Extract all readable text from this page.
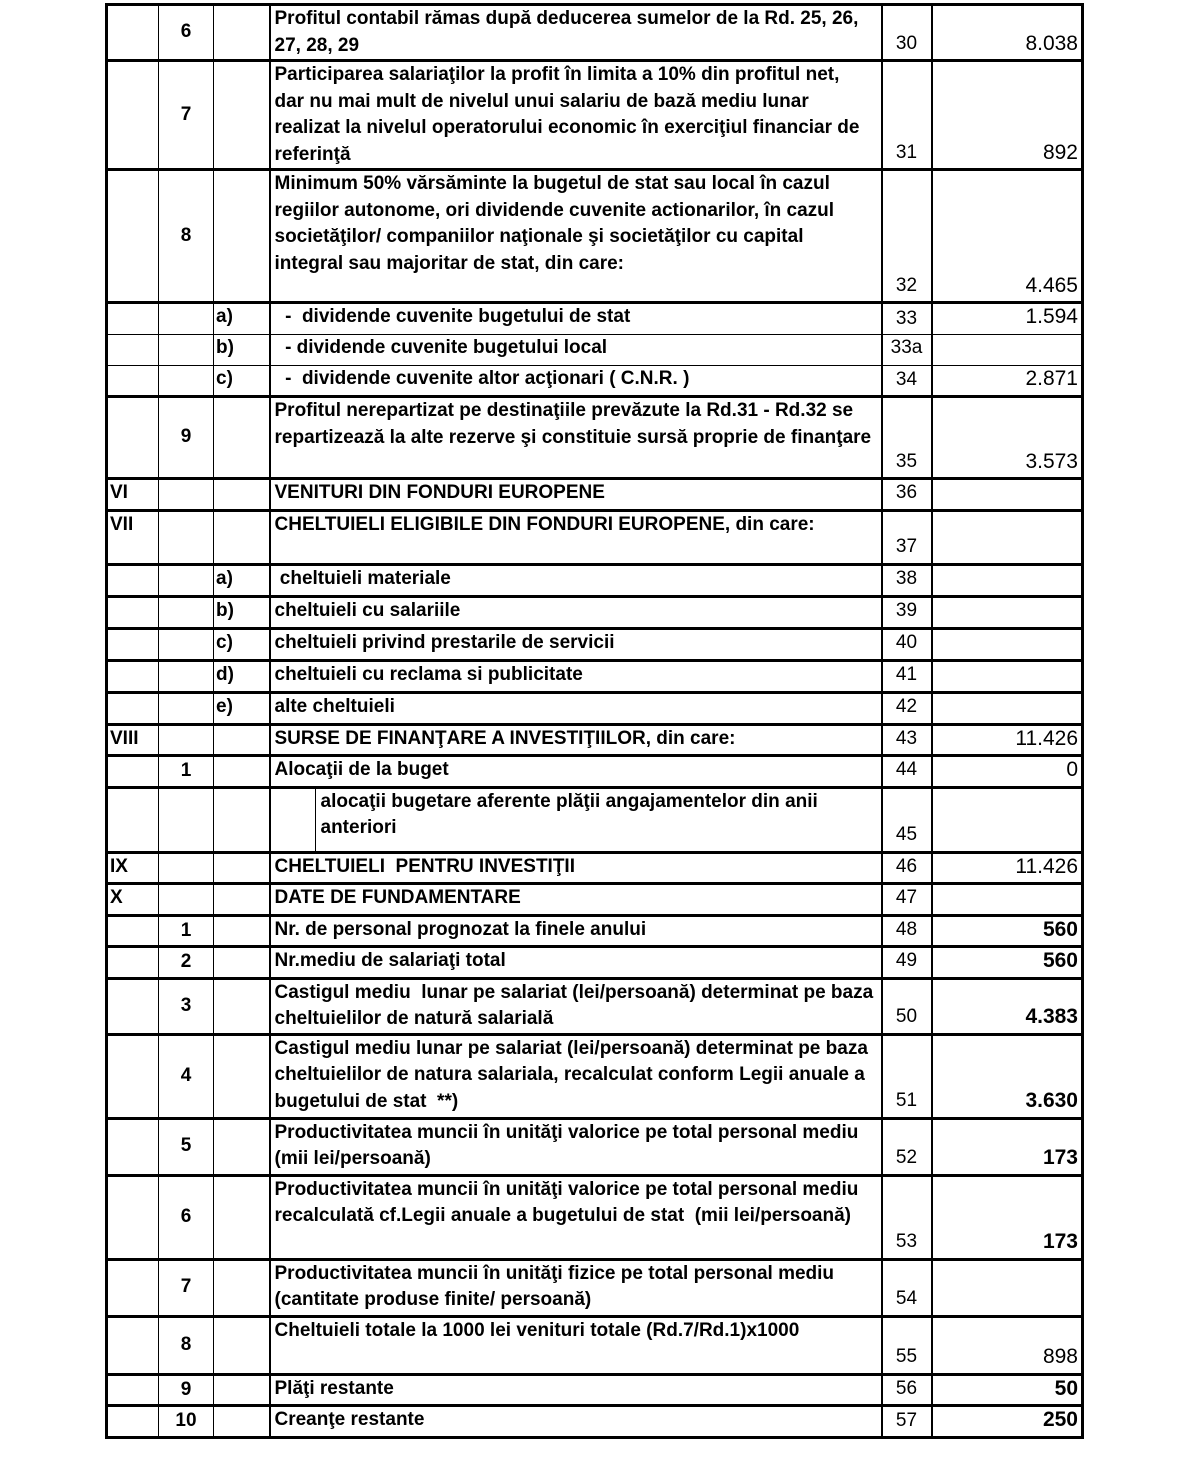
	6		Profitul contabil rămas după deducerea sumelor de la Rd. 25, 26, 27, 28, 29	30	8.038
	7		Participarea salariaţilor la profit în limita a 10% din profitul net,  dar nu mai mult de nivelul unui salariu de bază mediu lunar realizat la nivelul operatorului economic în exerciţiul financiar de referinţă	31	892
	8		Minimum 50% vărsăminte la bugetul de stat sau local în cazul regiilor autonome, ori dividende cuvenite actionarilor, în cazul societăţilor/ companiilor naţionale şi societăţilor cu capital integral sau majoritar de stat, din care:	32	4.465
		a)	-  dividende cuvenite bugetului de stat	33	1.594
		b)	- dividende cuvenite bugetului local	33a	
		c)	-  dividende cuvenite altor acţionari ( C.N.R. )	34	2.871
	9		Profitul nerepartizat pe destinaţiile prevăzute la Rd.31 - Rd.32 se repartizează la alte rezerve şi constituie sursă proprie de finanţare	35	3.573
VI			VENITURI DIN FONDURI EUROPENE	36	
VII			CHELTUIELI ELIGIBILE DIN FONDURI EUROPENE, din care:	37	
		a)	cheltuieli materiale	38	
		b)	cheltuieli cu salariile	39	
		c)	cheltuieli privind prestarile de servicii	40	
		d)	cheltuieli cu reclama si publicitate	41	
		e)	alte cheltuieli	42	
VIII			SURSE DE FINANŢARE A INVESTIŢIILOR, din care:	43	11.426
	1		Alocaţii de la buget	44	0

			alocaţii bugetare aferente plăţii angajamentelor din anii anteriori	45	
IX			CHELTUIELI  PENTRU INVESTIŢII	46	11.426
X			DATE DE FUNDAMENTARE	47	
	1		Nr. de personal prognozat la finele anului	48	560
	2		Nr.mediu de salariaţi total	49	560
	3		Castigul mediu  lunar pe salariat (lei/persoană) determinat pe baza cheltuielilor de natură salarială	50	4.383
	4		Castigul mediu lunar pe salariat (lei/persoană) determinat pe baza cheltuielilor de natura salariala, recalculat conform Legii anuale a bugetului de stat  **)	51	3.630
	5		Productivitatea muncii în unităţi valorice pe total personal mediu (mii lei/persoană)	52	173
	6		Productivitatea muncii în unităţi valorice pe total personal mediu recalculată cf.Legii anuale a bugetului de stat  (mii lei/persoană)	53	173
	7		Productivitatea muncii în unităţi fizice pe total personal mediu (cantitate produse finite/ persoană)	54	
	8		Cheltuieli totale la 1000 lei venituri totale (Rd.7/Rd.1)x1000	55	898
	9		Plăţi restante	56	50
	10		Creanţe restante	57	250
